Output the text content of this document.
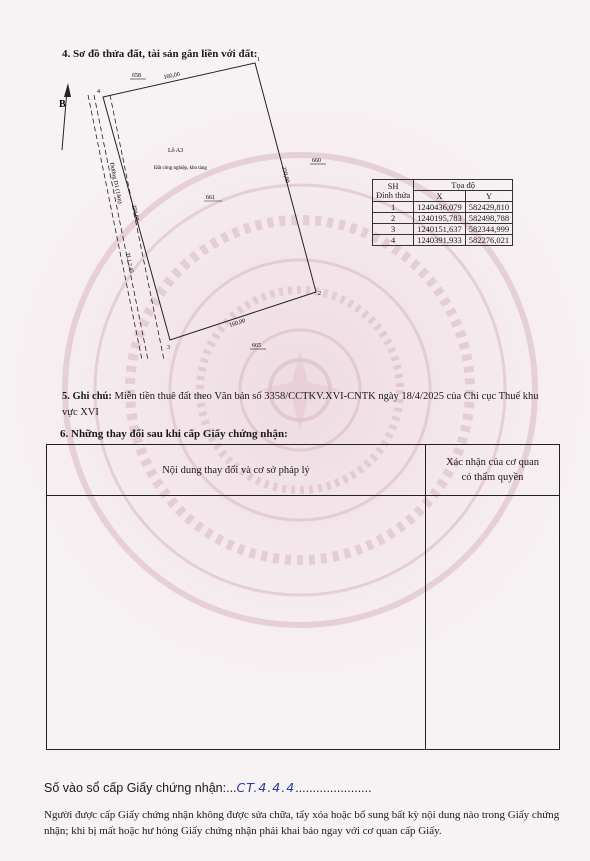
4. Sơ đồ thửa đất, tài sản gắn liền với đất:
B
4
2
3
1
658
660
665
160,00
250,00
160,00
250,00
Lô A3
Đất công nghiệp, kho tàng
661
Đường D1 (14m)
TL1,2,45
SH
Đỉnh thửa	Tọa độ	
	X	Y
1	1240436,079	582429,810
2	1240195,783	582498,788
3	1240151,637	582344,999
4	1240391,933	582276,021
5. Ghi chú: Miễn tiền thuê đất theo Văn bản số 3358/CCTKV.XVI-CNTK ngày 18/4/2025 của Chi cục Thuế khu
vực XVI
6. Những thay đổi sau khi cấp Giấy chứng nhận:
Nội dung thay đổi và cơ sở pháp lý
Xác nhận của cơ quan
có thẩm quyền
Số vào sổ cấp Giấy chứng nhận:...CT.4.4.4......................
Người được cấp Giấy chứng nhận không được sửa chữa, tẩy xóa hoặc bổ sung bất kỳ nội dung nào trong Giấy chứng nhận; khi bị mất hoặc hư hỏng Giấy chứng nhận phải khai báo ngay với cơ quan cấp Giấy.
